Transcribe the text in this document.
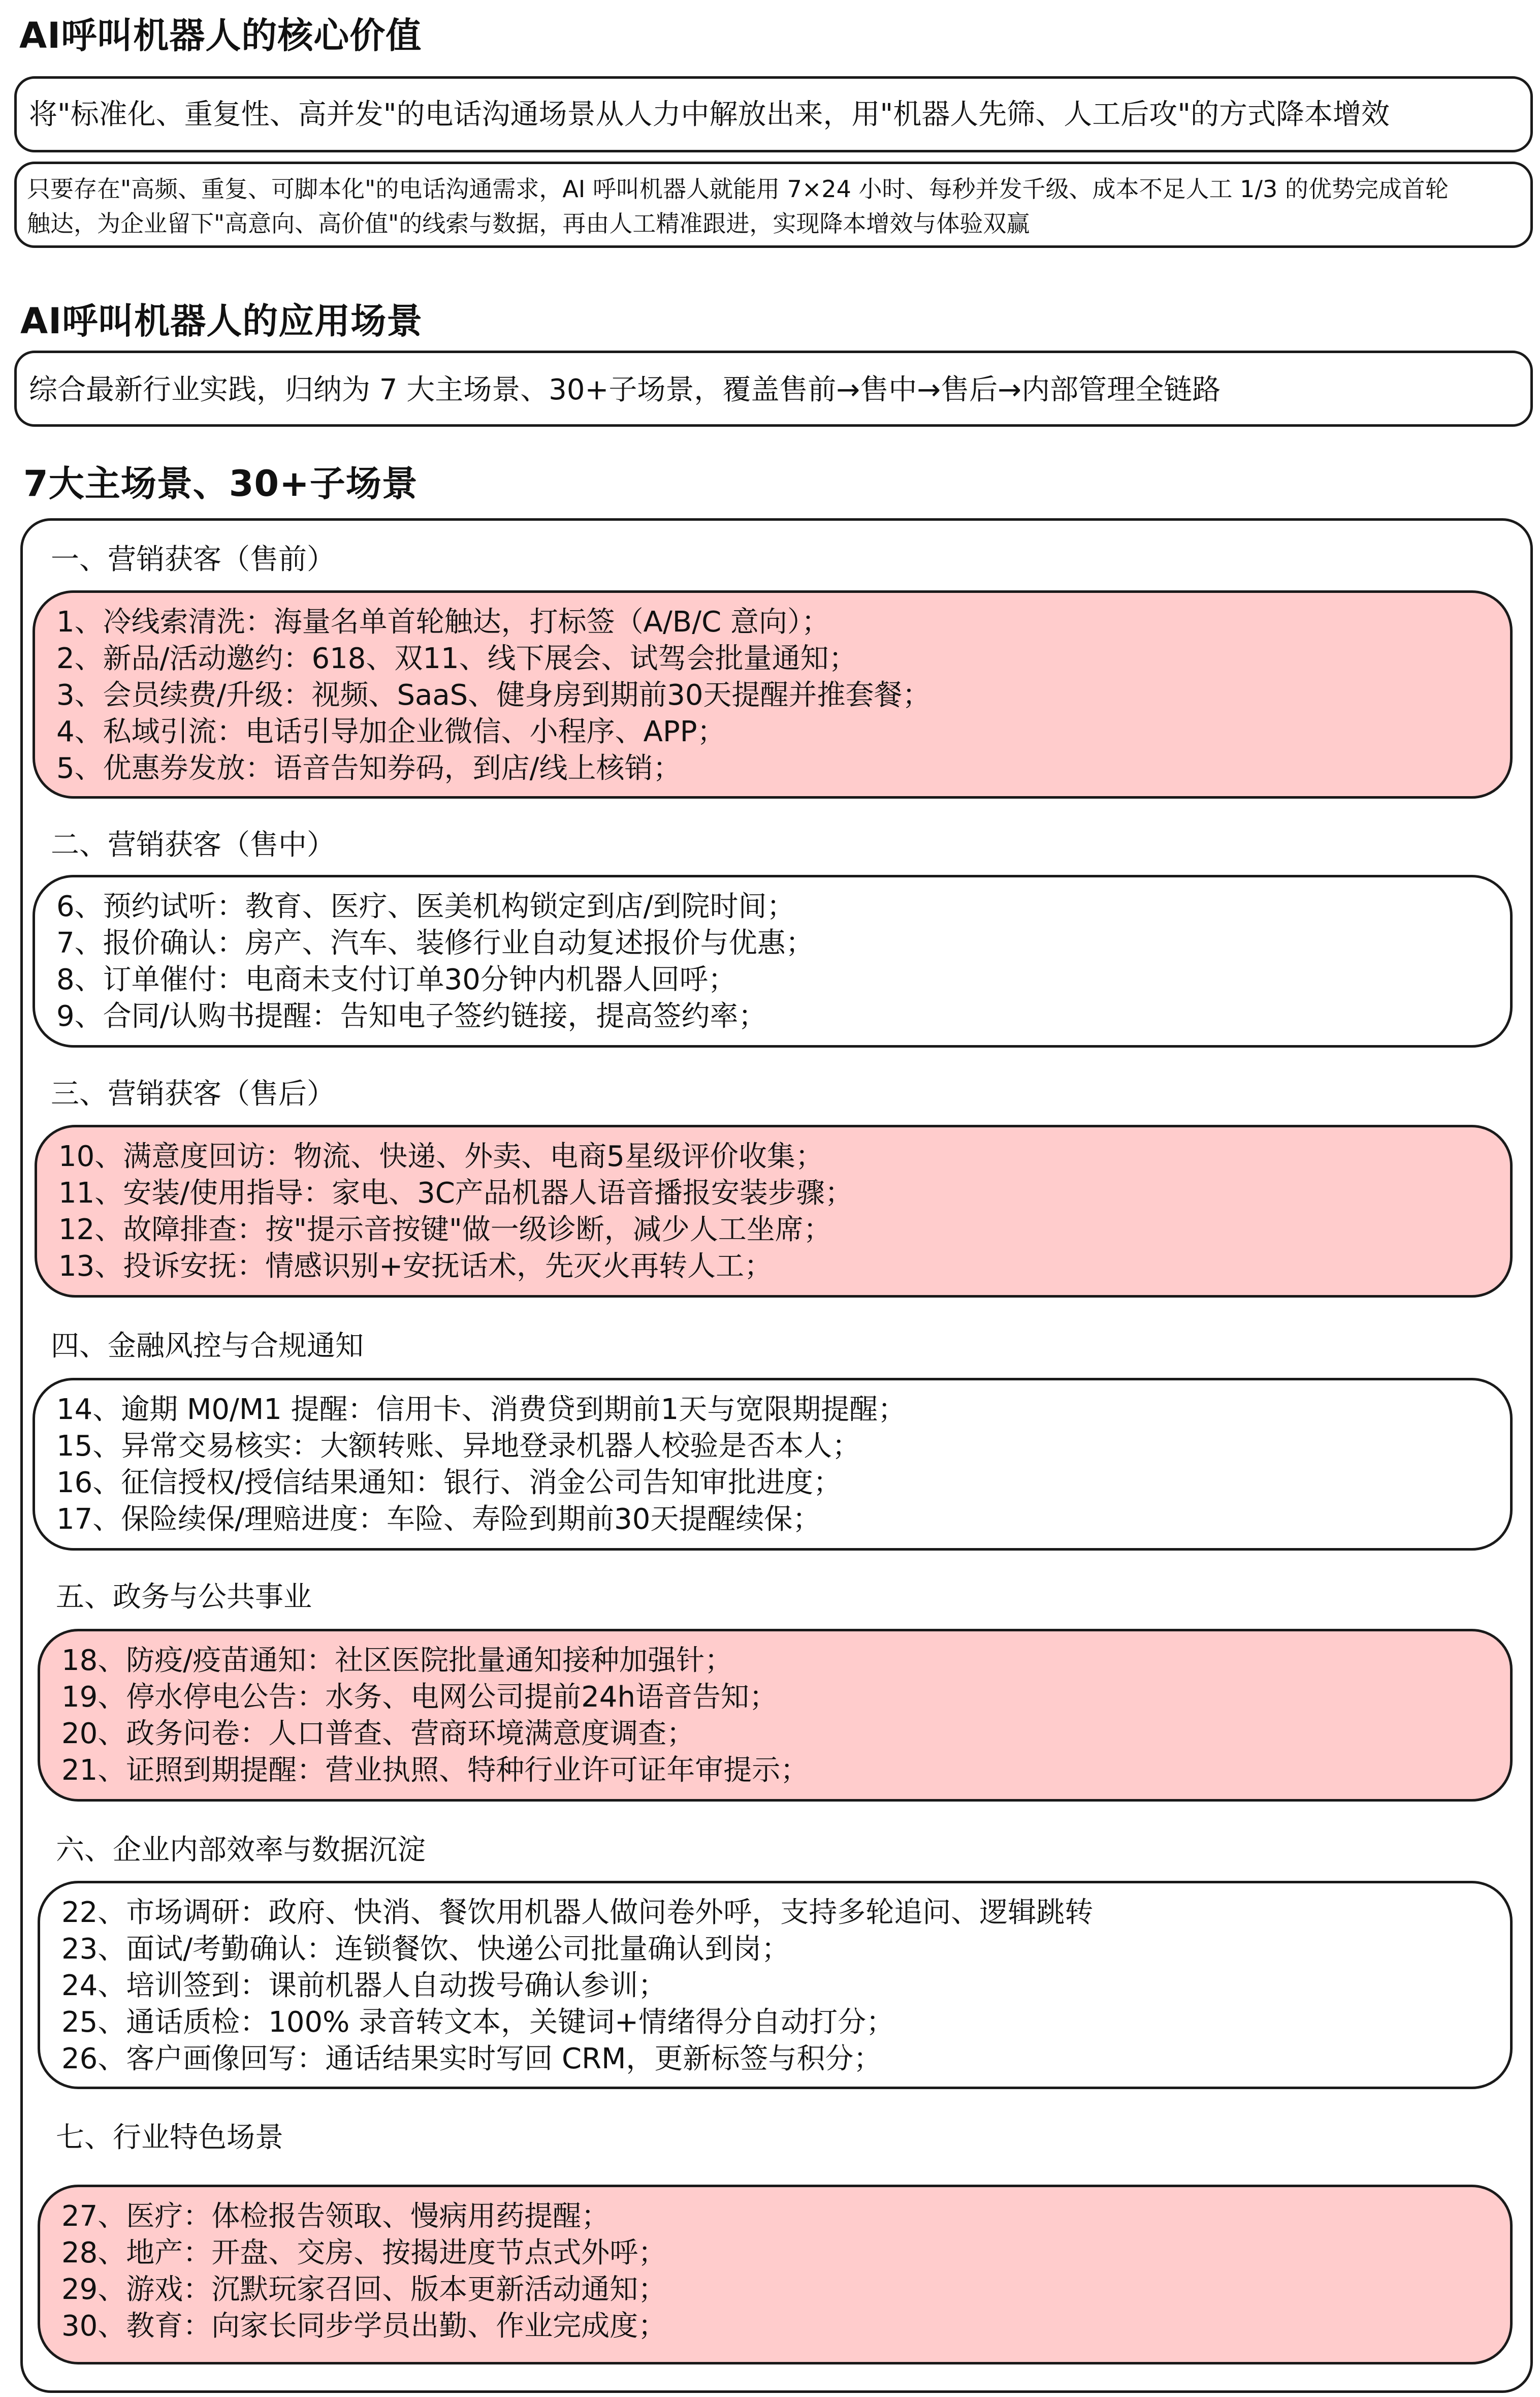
AI呼叫机器人的核心价值
将"标准化、重复性、高并发"的电话沟通场景从人力中解放出来，用"机器人先筛、人工后攻"的方式降本增效
只要存在"高频、重复、可脚本化"的电话沟通需求，AI 呼叫机器人就能用 7×24 小时、每秒并发千级、成本不足人工 1/3 的优势完成首轮
触达，为企业留下"高意向、高价值"的线索与数据，再由人工精准跟进，实现降本增效与体验双赢
AI呼叫机器人的应用场景
综合最新行业实践，归纳为 7 大主场景、30+子场景，覆盖售前→售中→售后→内部管理全链路
7大主场景、30+子场景
一、营销获客（售前）
1、冷线索清洗：海量名单首轮触达，打标签（A/B/C 意向）；
2、新品/活动邀约：618、双11、线下展会、试驾会批量通知；
3、会员续费/升级：视频、SaaS、健身房到期前30天提醒并推套餐；
4、私域引流：电话引导加企业微信、小程序、APP；
5、优惠券发放：语音告知券码，到店/线上核销；
二、营销获客（售中）
6、预约试听：教育、医疗、医美机构锁定到店/到院时间；
7、报价确认：房产、汽车、装修行业自动复述报价与优惠；
8、订单催付：电商未支付订单30分钟内机器人回呼；
9、合同/认购书提醒：告知电子签约链接，提高签约率；
三、营销获客（售后）
10、满意度回访：物流、快递、外卖、电商5星级评价收集；
11、安装/使用指导：家电、3C产品机器人语音播报安装步骤；
12、故障排查：按"提示音按键"做一级诊断，减少人工坐席；
13、投诉安抚：情感识别+安抚话术，先灭火再转人工；
四、金融风控与合规通知
14、逾期 M0/M1 提醒：信用卡、消费贷到期前1天与宽限期提醒；
15、异常交易核实：大额转账、异地登录机器人校验是否本人；
16、征信授权/授信结果通知：银行、消金公司告知审批进度；
17、保险续保/理赔进度：车险、寿险到期前30天提醒续保；
五、政务与公共事业
18、防疫/疫苗通知：社区医院批量通知接种加强针；
19、停水停电公告：水务、电网公司提前24h语音告知；
20、政务问卷：人口普查、营商环境满意度调查；
21、证照到期提醒：营业执照、特种行业许可证年审提示；
六、企业内部效率与数据沉淀
22、市场调研：政府、快消、餐饮用机器人做问卷外呼，支持多轮追问、逻辑跳转
23、面试/考勤确认：连锁餐饮、快递公司批量确认到岗；
24、培训签到：课前机器人自动拨号确认参训；
25、通话质检：100% 录音转文本，关键词+情绪得分自动打分；
26、客户画像回写：通话结果实时写回 CRM，更新标签与积分；
七、行业特色场景
27、医疗：体检报告领取、慢病用药提醒；
28、地产：开盘、交房、按揭进度节点式外呼；
29、游戏：沉默玩家召回、版本更新活动通知；
30、教育：向家长同步学员出勤、作业完成度；
